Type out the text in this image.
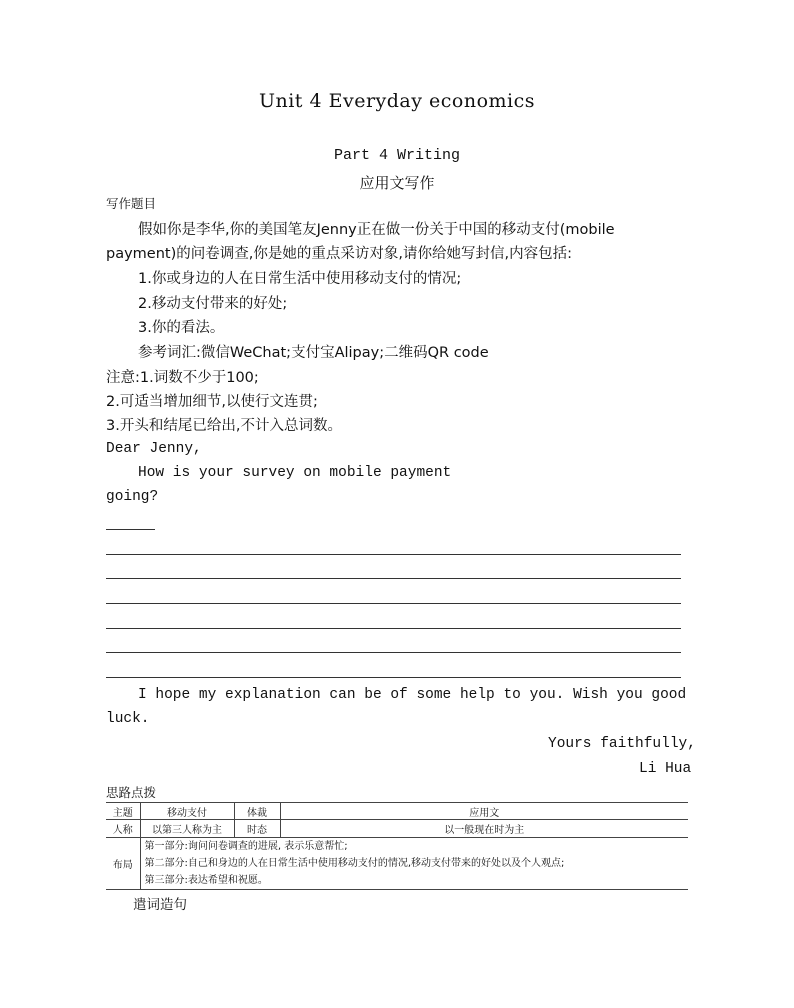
Unit 4 Everyday economics
Part 4 Writing
应用文写作
写作题目
假如你是李华,你的美国笔友Jenny正在做一份关于中国的移动支付(mobile
payment)的问卷调查,你是她的重点采访对象,请你给她写封信,内容包括:
1.你或身边的人在日常生活中使用移动支付的情况;
2.移动支付带来的好处;
3.你的看法。
参考词汇:微信WeChat;支付宝Alipay;二维码QR code
注意:1.词数不少于100;
2.可适当增加细节,以使行文连贯;
3.开头和结尾已给出,不计入总词数。
Dear Jenny,
How is your survey on mobile payment
going?
I hope my explanation can be of some help to you. Wish you good
luck.
Yours faithfully,
Li Hua
思路点拨
主题	移动支付	体裁	应用文
人称	以第三人称为主	时态	以一般现在时为主
布局	第一部分:询问问卷调查的进展, 表示乐意帮忙;
第二部分:自己和身边的人在日常生活中使用移动支付的情况,移动支付带来的好处以及个人观点;
第三部分:表达希望和祝愿。		
遣词造句
